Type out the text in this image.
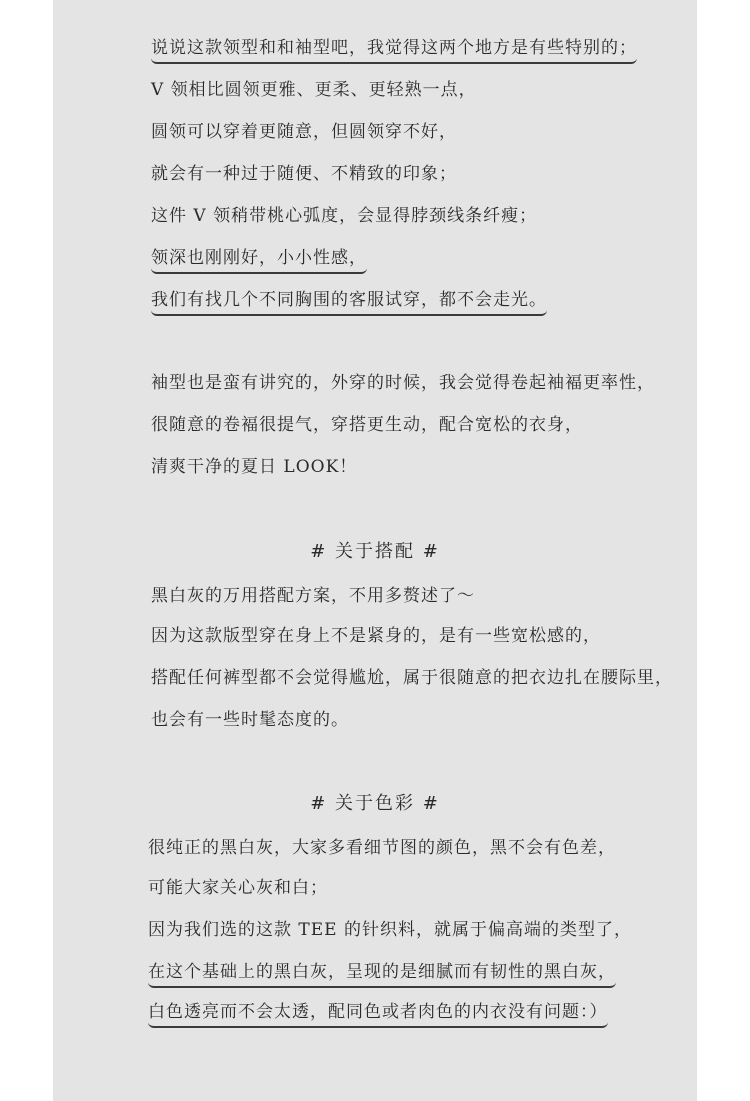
说说这款领型和和袖型吧，我觉得这两个地方是有些特别的；
V 领相比圆领更雅、更柔、更轻熟一点，
圆领可以穿着更随意，但圆领穿不好，
就会有一种过于随便、不精致的印象；
这件 V 领稍带桃心弧度，会显得脖颈线条纤瘦；
领深也刚刚好，小小性感，
我们有找几个不同胸围的客服试穿，都不会走光。
袖型也是蛮有讲究的，外穿的时候，我会觉得卷起袖褔更率性，
很随意的卷褔很提气，穿搭更生动，配合宽松的衣身，
清爽干净的夏日 LOOK！
# 关于搭配 #
黑白灰的万用搭配方案，不用多赘述了～
因为这款版型穿在身上不是紧身的，是有一些宽松感的，
搭配任何裤型都不会觉得尴尬，属于很随意的把衣边扎在腰际里，
也会有一些时髦态度的。
# 关于色彩 #
很纯正的黑白灰，大家多看细节图的颜色，黑不会有色差，
可能大家关心灰和白；
因为我们选的这款 TEE 的针织料，就属于偏高端的类型了，
在这个基础上的黑白灰，呈现的是细腻而有韧性的黑白灰，
白色透亮而不会太透，配同色或者肉色的内衣没有问题：）
